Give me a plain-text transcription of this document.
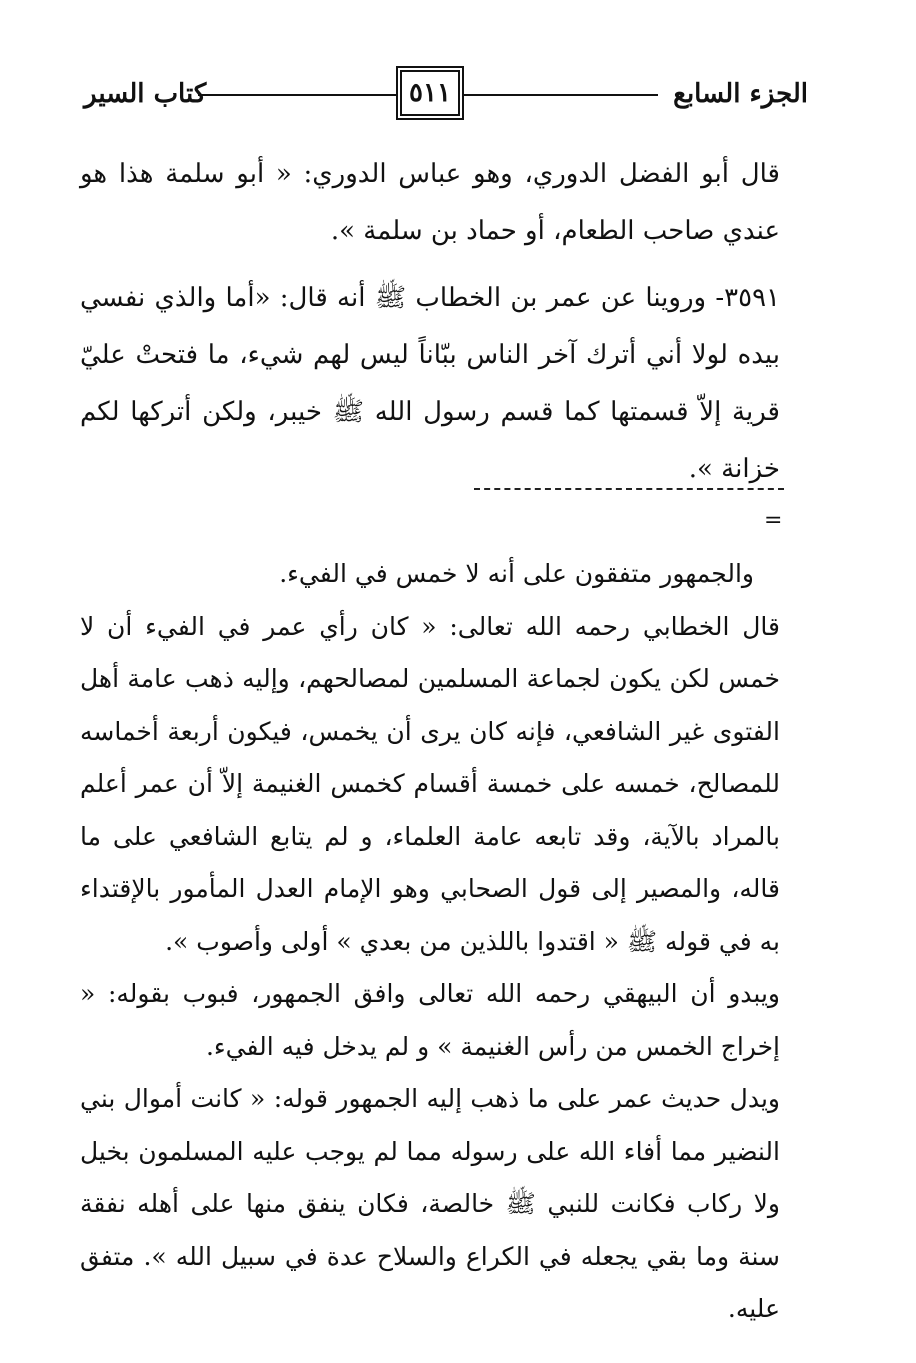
الجزء السابع
٥١١
كتاب السير

قال أبو الفضل الدوري، وهو عباس الدوري: « أبو سلمة هذا هو عندي صاحب الطعام، أو حماد بن سلمة ».

٣٥٩١- وروينا عن عمر بن الخطاب ﷺ أنه قال: «أما والذي نفسي بيده لولا أني أترك آخر الناس ببّاناً ليس لهم شيء، ما فتحتْ عليّ قرية إلاّ قسمتها كما قسم رسول الله ﷺ خيبر، ولكن أتركها لكم خزانة ».

=

والجمهور متفقون على أنه لا خمس في الفيء.

قال الخطابي رحمه الله تعالى: « كان رأي عمر في الفيء أن لا خمس لكن يكون لجماعة المسلمين لمصالحهم، وإليه ذهب عامة أهل الفتوى غير الشافعي، فإنه كان يرى أن يخمس، فيكون أربعة أخماسه للمصالح، خمسه على خمسة أقسام كخمس الغنيمة إلاّ أن عمر أعلم بالمراد بالآية، وقد تابعه عامة العلماء، و لم يتابع الشافعي على ما قاله، والمصير إلى قول الصحابي وهو الإمام العدل المأمور بالإقتداء به في قوله ﷺ « اقتدوا باللذين من بعدي » أولى وأصوب ».

ويبدو أن البيهقي رحمه الله تعالى وافق الجمهور، فبوب بقوله: « إخراج الخمس من رأس الغنيمة » و لم يدخل فيه الفيء.

ويدل حديث عمر على ما ذهب إليه الجمهور قوله: « كانت أموال بني النضير مما أفاء الله على رسوله مما لم يوجب عليه المسلمون بخيل ولا ركاب فكانت للنبي ﷺ خالصة، فكان ينفق منها على أهله نفقة سنة وما بقي يجعله في الكراع والسلاح عدة في سبيل الله ». متفق عليه.
